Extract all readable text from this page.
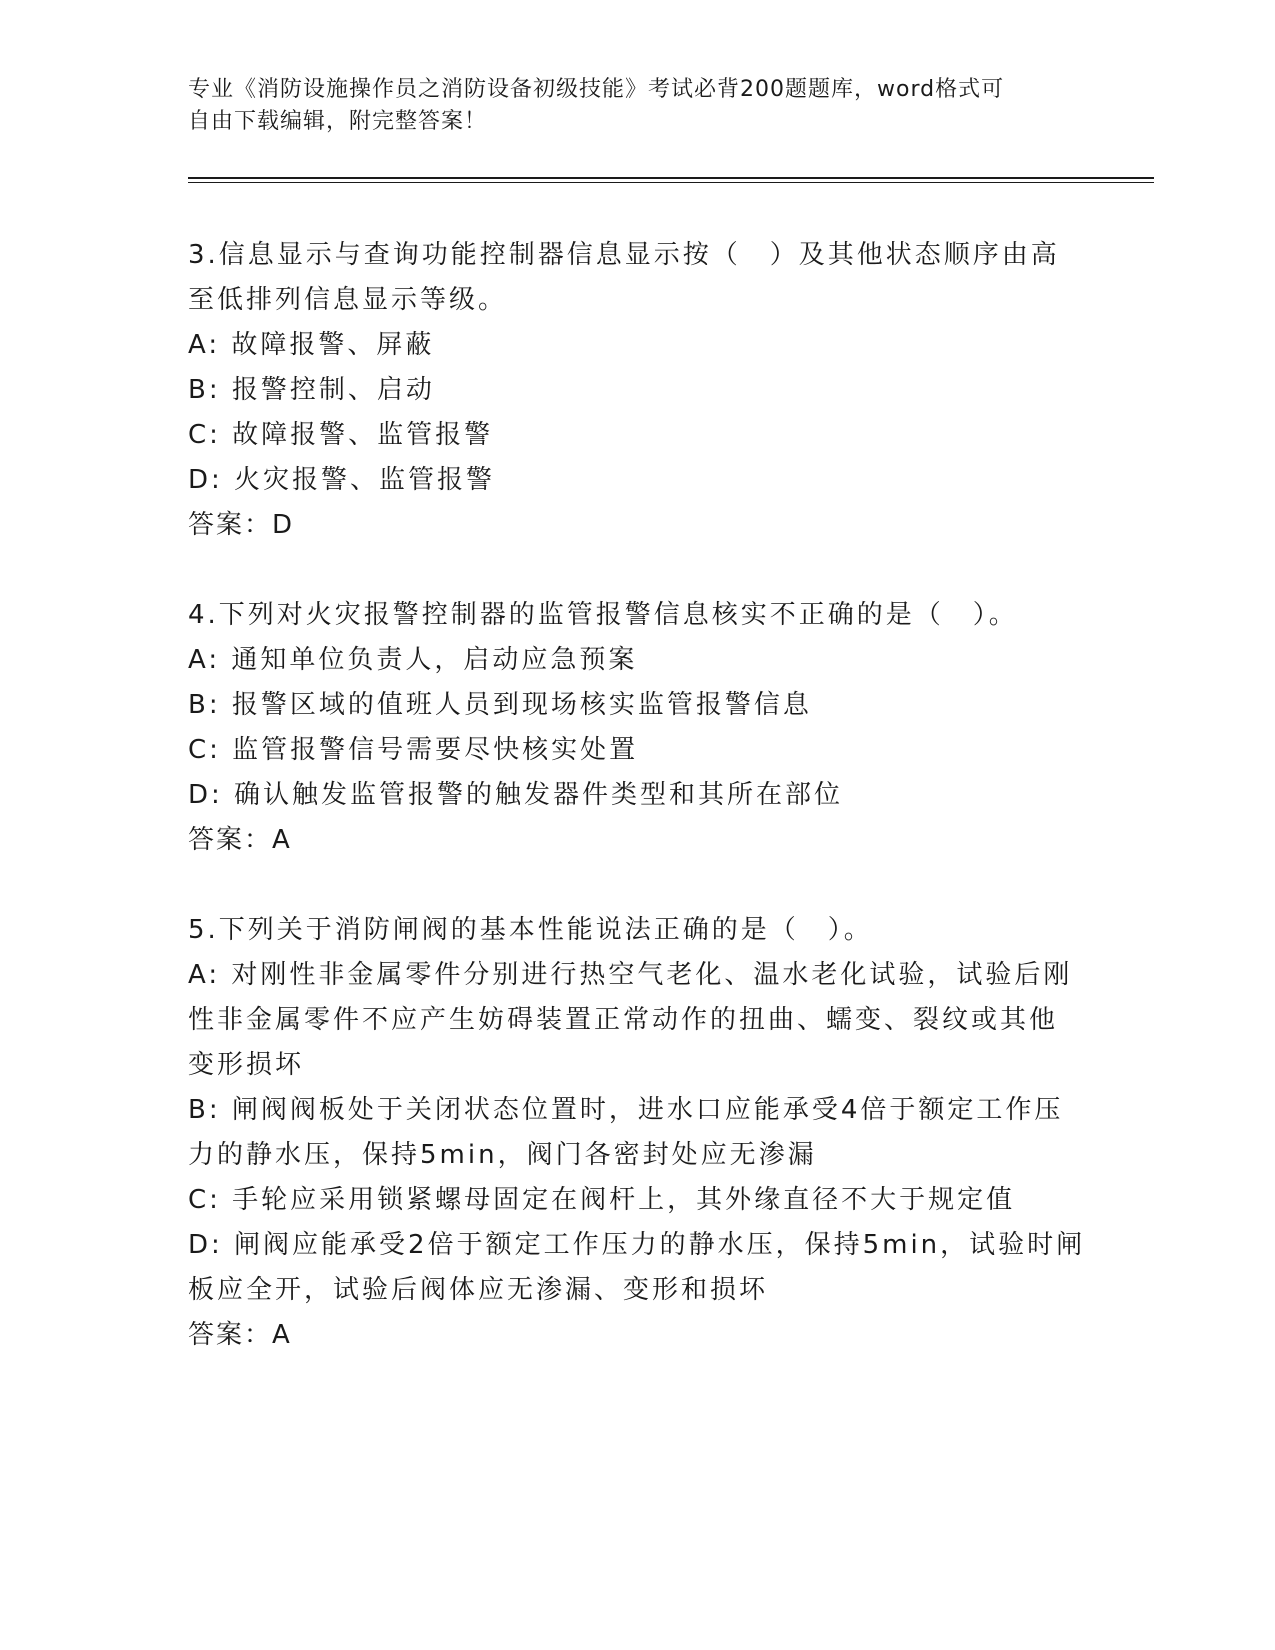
专业《消防设施操作员之消防设备初级技能》考试必背200题题库，word格式可
自由下载编辑，附完整答案！
3.信息显示与查询功能控制器信息显示按（　）及其他状态顺序由高
至低排列信息显示等级。
A: 故障报警、屏蔽
B: 报警控制、启动
C: 故障报警、监管报警
D: 火灾报警、监管报警
答案：D
4.下列对火灾报警控制器的监管报警信息核实不正确的是（　）。
A: 通知单位负责人，启动应急预案
B: 报警区域的值班人员到现场核实监管报警信息
C: 监管报警信号需要尽快核实处置
D: 确认触发监管报警的触发器件类型和其所在部位
答案：A
5.下列关于消防闸阀的基本性能说法正确的是（　）。
A: 对刚性非金属零件分别进行热空气老化、温水老化试验，试验后刚
性非金属零件不应产生妨碍装置正常动作的扭曲、蠕变、裂纹或其他
变形损坏
B: 闸阀阀板处于关闭状态位置时，进水口应能承受4倍于额定工作压
力的静水压，保持5min，阀门各密封处应无渗漏
C: 手轮应采用锁紧螺母固定在阀杆上，其外缘直径不大于规定值
D: 闸阀应能承受2倍于额定工作压力的静水压，保持5min，试验时闸
板应全开，试验后阀体应无渗漏、变形和损坏
答案：A
